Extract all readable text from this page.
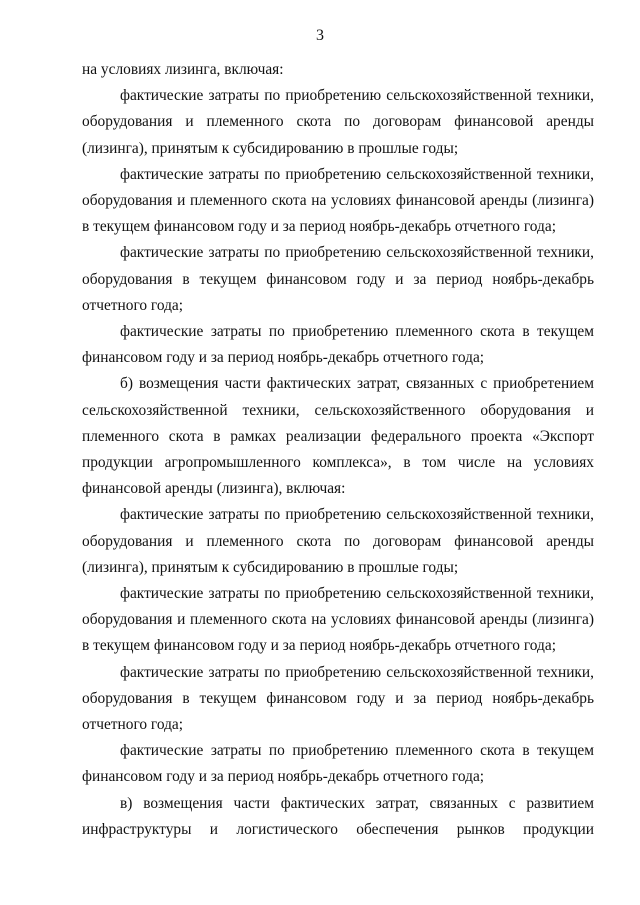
3

на условиях лизинга, включая:

фактические затраты по приобретению сельскохозяйственной техники, оборудования и племенного скота по договорам финансовой аренды (лизинга), принятым к субсидированию в прошлые годы;

фактические затраты по приобретению сельскохозяйственной техники, оборудования и племенного скота на условиях финансовой аренды (лизинга) в текущем финансовом году и за период ноябрь-декабрь отчетного года;

фактические затраты по приобретению сельскохозяйственной техники, оборудования в текущем финансовом году и за период ноябрь-декабрь отчетного года;

фактические затраты по приобретению племенного скота в текущем финансовом году и за период ноябрь-декабрь отчетного года;

б) возмещения части фактических затрат, связанных с приобретением сельскохозяйственной техники, сельскохозяйственного оборудования и племенного скота в рамках реализации федерального проекта «Экспорт продукции агропромышленного комплекса», в том числе на условиях финансовой аренды (лизинга), включая:

фактические затраты по приобретению сельскохозяйственной техники, оборудования и племенного скота по договорам финансовой аренды (лизинга), принятым к субсидированию в прошлые годы;

фактические затраты по приобретению сельскохозяйственной техники, оборудования и племенного скота на условиях финансовой аренды (лизинга) в текущем финансовом году и за период ноябрь-декабрь отчетного года;

фактические затраты по приобретению сельскохозяйственной техники, оборудования в текущем финансовом году и за период ноябрь-декабрь отчетного года;

фактические затраты по приобретению племенного скота в текущем финансовом году и за период ноябрь-декабрь отчетного года;

в) возмещения части фактических затрат, связанных с развитием инфраструктуры и логистического обеспечения рынков продукции
